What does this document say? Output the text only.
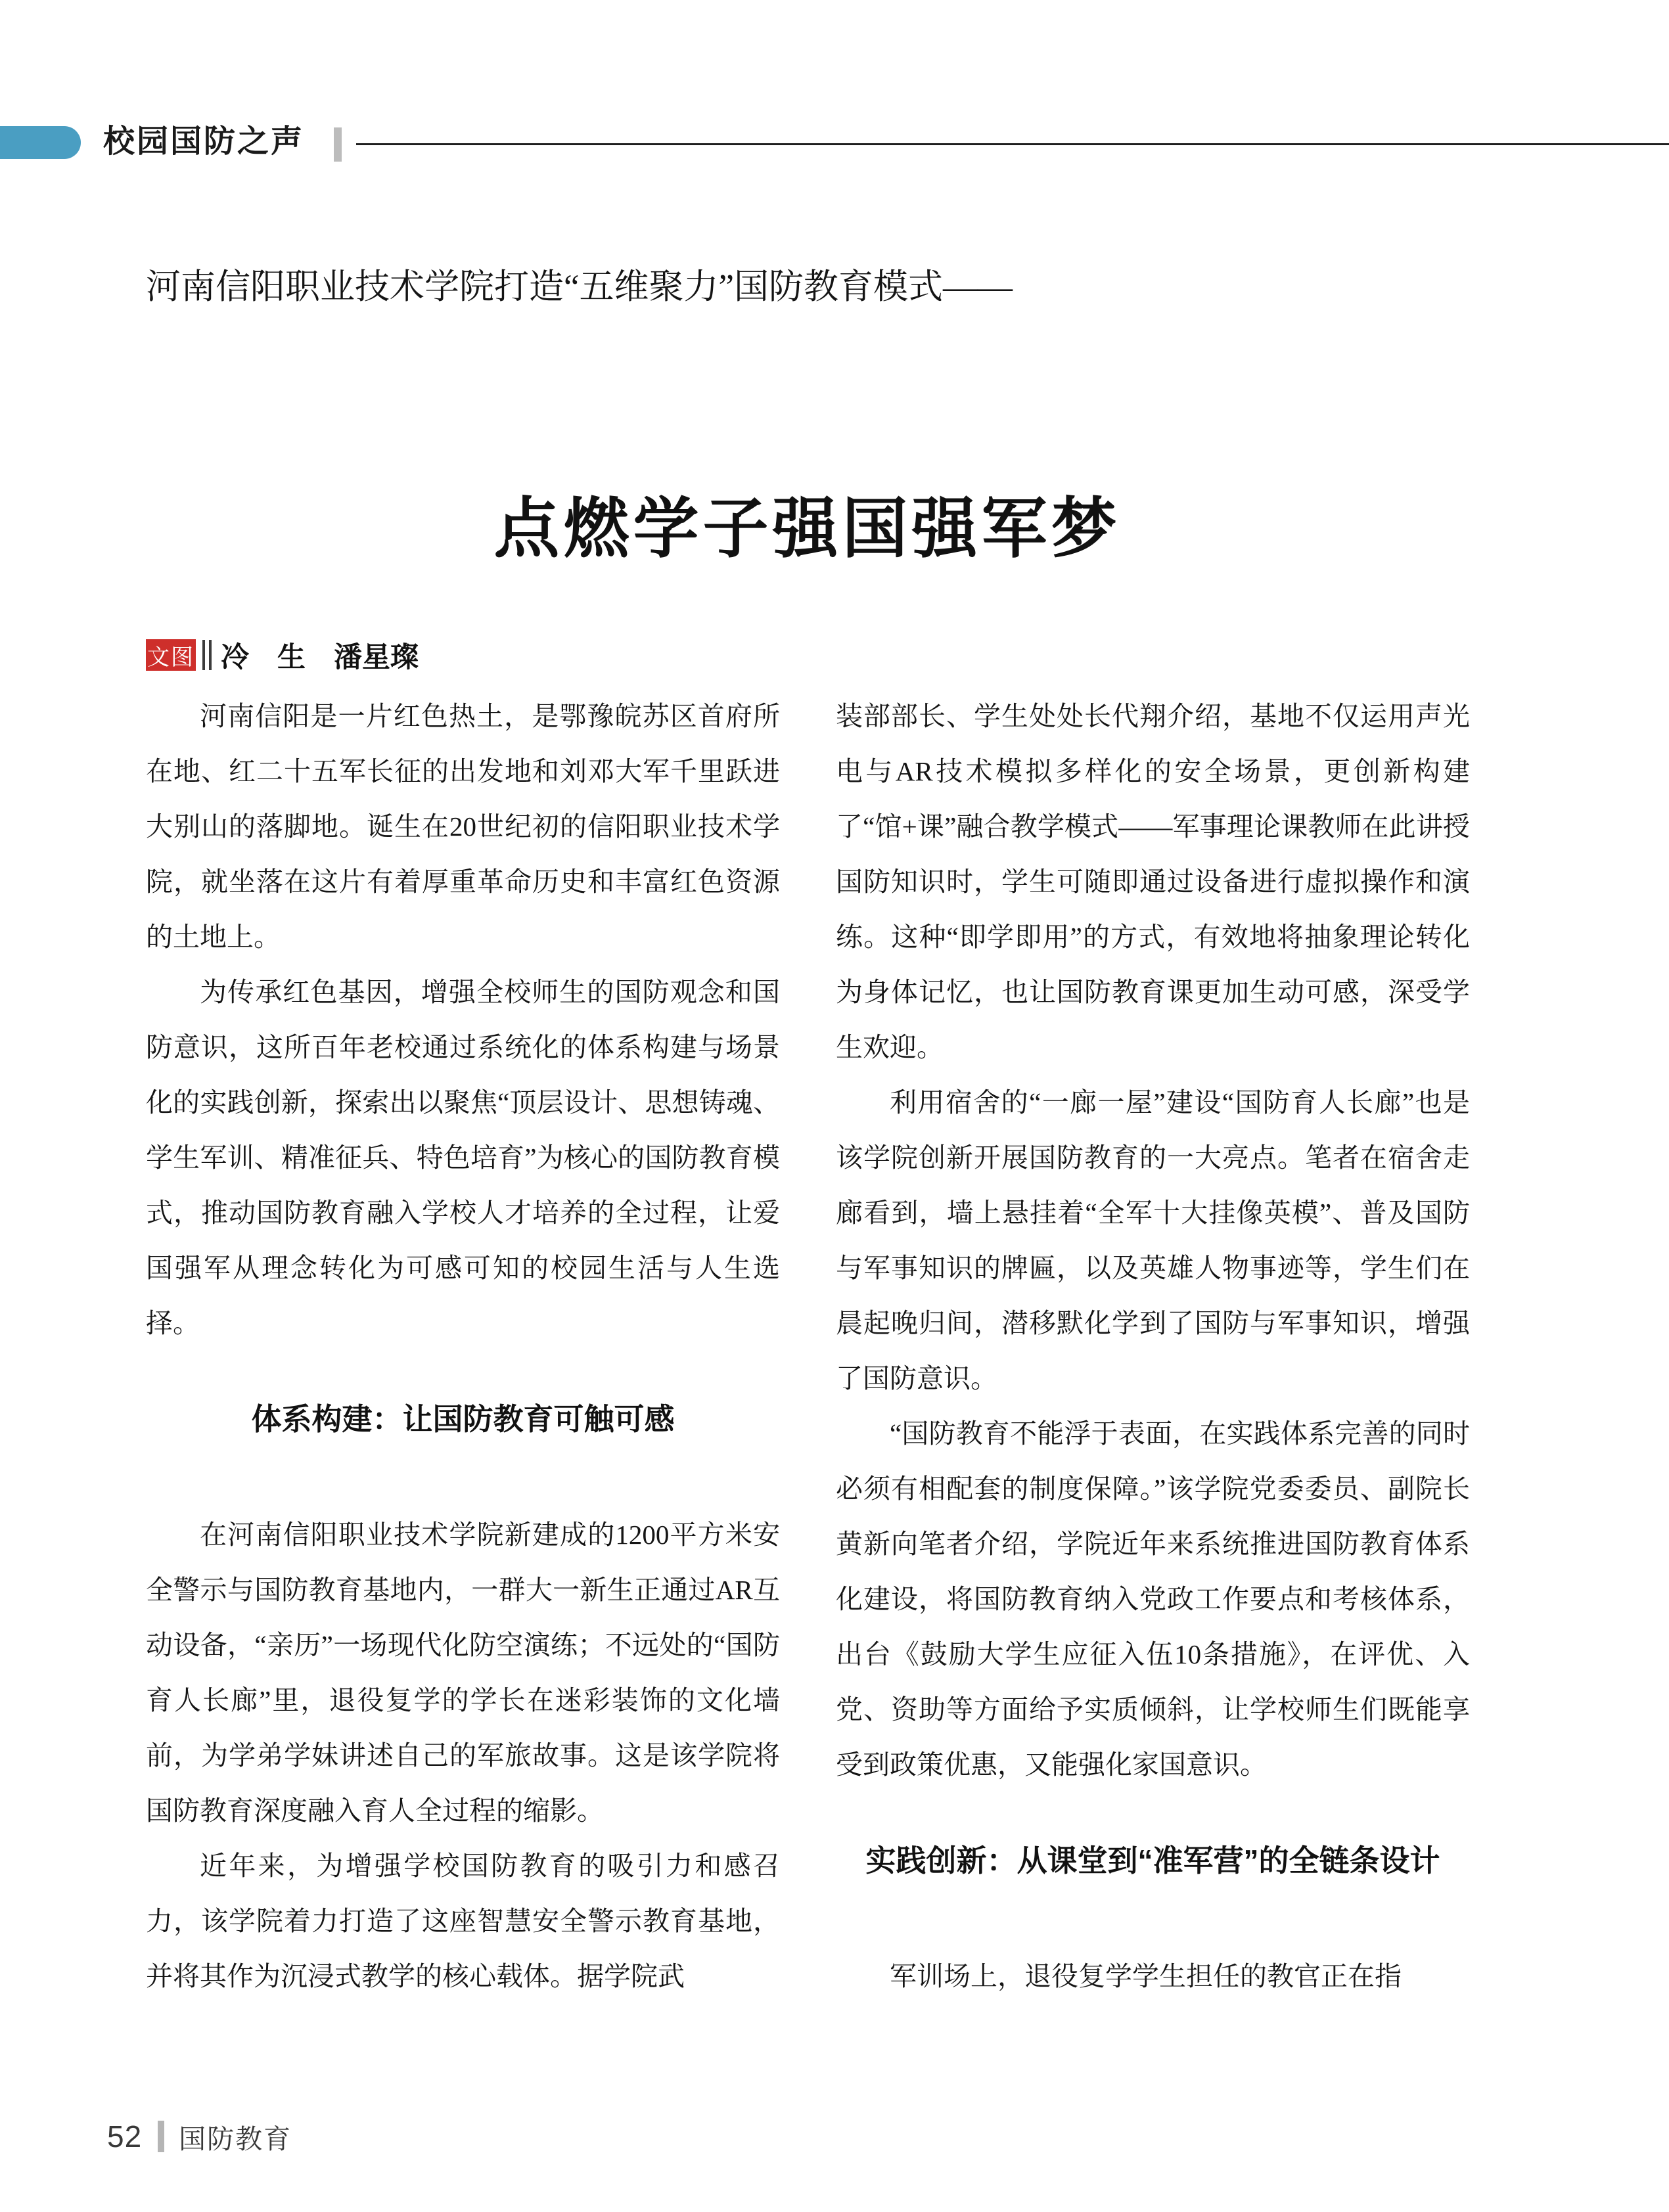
校园国防之声
河南信阳职业技术学院打造“五维聚力”国防教育模式——
点燃学子强国强军梦
文图 冷　生　潘星璨

河南信阳是一片红色热土，是鄂豫皖苏区首府所在地、红二十五军长征的出发地和刘邓大军千里跃进大别山的落脚地。诞生在20世纪初的信阳职业技术学院，就坐落在这片有着厚重革命历史和丰富红色资源的土地上。

为传承红色基因，增强全校师生的国防观念和国防意识，这所百年老校通过系统化的体系构建与场景化的实践创新，探索出以聚焦“顶层设计、思想铸魂、学生军训、精准征兵、特色培育”为核心的国防教育模式，推动国防教育融入学校人才培养的全过程，让爱国强军从理念转化为可感可知的校园生活与人生选择。

体系构建：让国防教育可触可感

在河南信阳职业技术学院新建成的1200平方米安全警示与国防教育基地内，一群大一新生正通过AR互动设备，“亲历”一场现代化防空演练；不远处的“国防育人长廊”里，退役复学的学长在迷彩装饰的文化墙前，为学弟学妹讲述自己的军旅故事。这是该学院将国防教育深度融入育人全过程的缩影。

近年来，为增强学校国防教育的吸引力和感召力，该学院着力打造了这座智慧安全警示教育基地，并将其作为沉浸式教学的核心载体。据学院武

装部部长、学生处处长代翔介绍，基地不仅运用声光电与AR技术模拟多样化的安全场景，更创新构建了“馆+课”融合教学模式——军事理论课教师在此讲授国防知识时，学生可随即通过设备进行虚拟操作和演练。这种“即学即用”的方式，有效地将抽象理论转化为身体记忆，也让国防教育课更加生动可感，深受学生欢迎。

利用宿舍的“一廊一屋”建设“国防育人长廊”也是该学院创新开展国防教育的一大亮点。笔者在宿舍走廊看到，墙上悬挂着“全军十大挂像英模”、普及国防与军事知识的牌匾，以及英雄人物事迹等，学生们在晨起晚归间，潜移默化学到了国防与军事知识，增强了国防意识。

“国防教育不能浮于表面，在实践体系完善的同时必须有相配套的制度保障。”该学院党委委员、副院长黄新向笔者介绍，学院近年来系统推进国防教育体系化建设，将国防教育纳入党政工作要点和考核体系，出台《鼓励大学生应征入伍10条措施》，在评优、入党、资助等方面给予实质倾斜，让学校师生们既能享受到政策优惠，又能强化家国意识。

实践创新：从课堂到“准军营”的全链条设计

军训场上，退役复学学生担任的教官正在指

52 国防教育
